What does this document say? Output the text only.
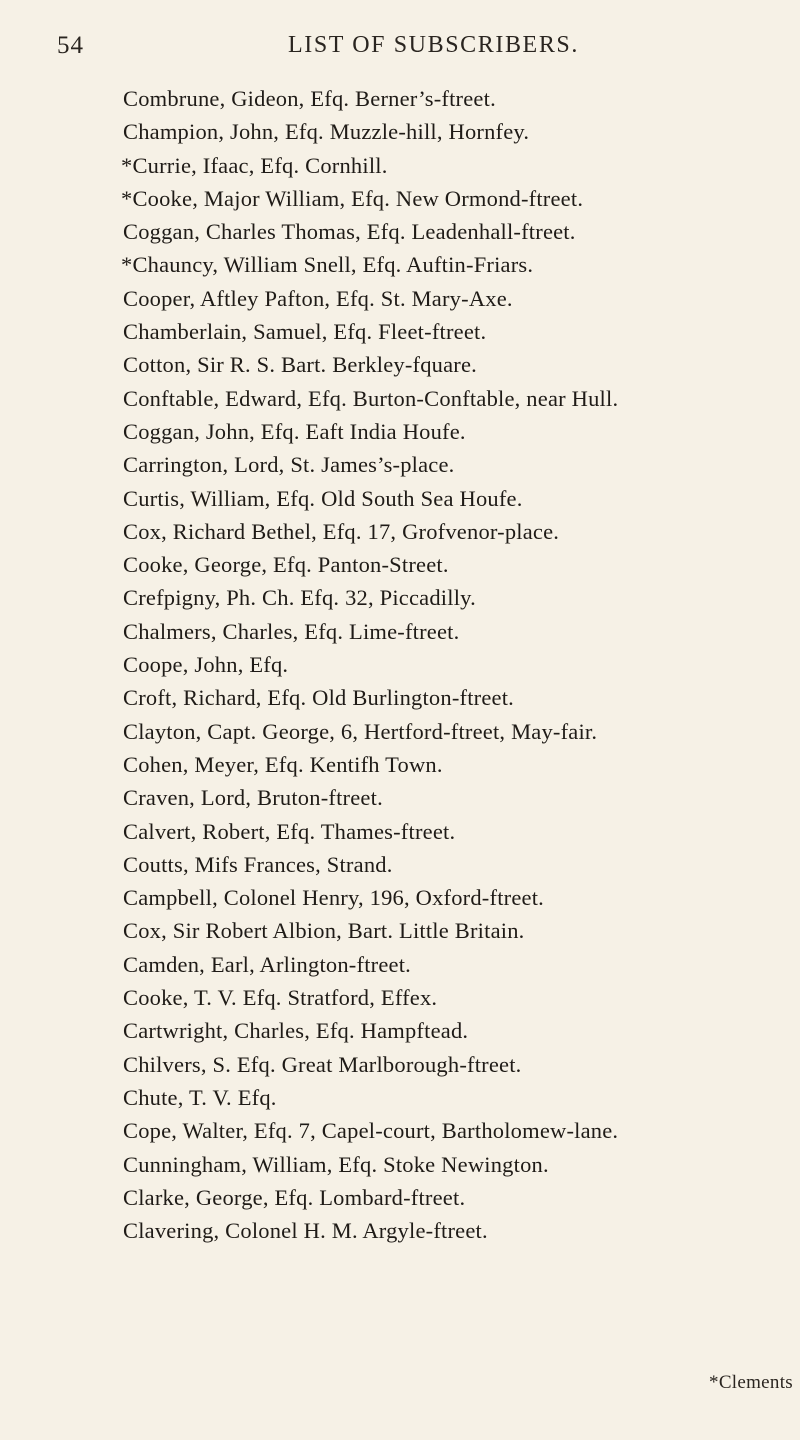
54	LIST OF SUBSCRIBERS.
Combrune, Gideon, Efq. Berner’s-ftreet.
Champion, John, Efq. Muzzle-hill, Hornfey.
*Currie, Ifaac, Efq. Cornhill.
*Cooke, Major William, Efq. New Ormond-ftreet.
Coggan, Charles Thomas, Efq. Leadenhall-ftreet.
*Chauncy, William Snell, Efq. Auftin-Friars.
Cooper, Aftley Pafton, Efq. St. Mary-Axe.
Chamberlain, Samuel, Efq. Fleet-ftreet.
Cotton, Sir R. S. Bart. Berkley-fquare.
Conftable, Edward, Efq. Burton-Conftable, near Hull.
Coggan, John, Efq. Eaft India Houfe.
Carrington, Lord, St. James’s-place.
Curtis, William, Efq. Old South Sea Houfe.
Cox, Richard Bethel, Efq. 17, Grofvenor-place.
Cooke, George, Efq. Panton-Street.
Crefpigny, Ph. Ch. Efq. 32, Piccadilly.
Chalmers, Charles, Efq. Lime-ftreet.
Coope, John, Efq.
Croft, Richard, Efq. Old Burlington-ftreet.
Clayton, Capt. George, 6, Hertford-ftreet, May-fair.
Cohen, Meyer, Efq. Kentifh Town.
Craven, Lord, Bruton-ftreet.
Calvert, Robert, Efq. Thames-ftreet.
Coutts, Mifs Frances, Strand.
Campbell, Colonel Henry, 196, Oxford-ftreet.
Cox, Sir Robert Albion, Bart. Little Britain.
Camden, Earl, Arlington-ftreet.
Cooke, T. V. Efq. Stratford, Effex.
Cartwright, Charles, Efq. Hampftead.
Chilvers, S. Efq. Great Marlborough-ftreet.
Chute, T. V. Efq.
Cope, Walter, Efq. 7, Capel-court, Bartholomew-lane.
Cunningham, William, Efq. Stoke Newington.
Clarke, George, Efq. Lombard-ftreet.
Clavering, Colonel H. M. Argyle-ftreet.
*Clements
